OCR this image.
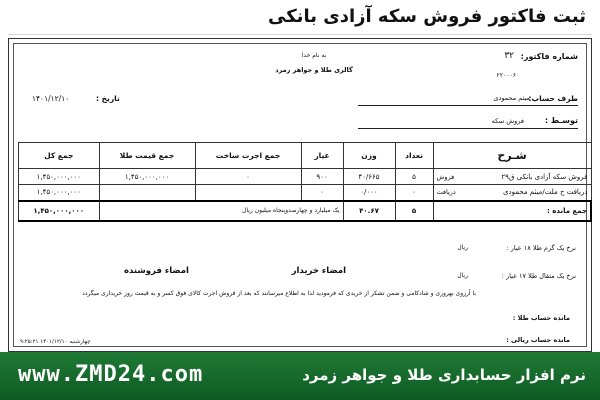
ثبت فاکتور فروش سکه آزادی بانکی
به نام خدا
گالری طلا و جواهر زمرد
شماره فاکتور:
۳۲
۲۲۰۰۰۶
طرف حساب:
میثم محمودی
توسـط :
فروش سکه
تاریخ :
۱۴۰۱/۱۲/۱۰
شـرح	تعداد	وزن	عیار	جمع اجرت ساخت	جمع قیمت طلا	جمع کل
فروش سکه آزادی بانکی ق۲۹
فروش	۵	۴۰/۶۶۵	۹۰۰	۰	۱,۴۵۰,۰۰۰,۰۰۰	۱,۴۵۰,۰۰۰,۰۰۰
دریافت ح ملت/میثم محمودی
دریافت	۰	۰/۰۰۰	۰			۱,۴۵۰,۰۰۰,۰۰۰
جمع مانده :	۵	۴۰.۶۷	یک میلیارد و چهارصدوپنجاه میلیون ریال			۱,۴۵۰,۰۰۰,۰۰۰
نرخ یک گرم طلا ۱۸ عیار :
ریال
نرخ یک مثقال طلا ۱۷ عیار :
ریال
امضاء خریدار
امضاء فروشنده
با آرزوی بهروزی و شادکامی و ضمن تشکر از خریدی که فرمودید لذا به اطلاع میرسانند که بعد از فروش اجرت کالای فوق کسر و به قیمت روز خریداری میگردد
مانده حساب طلا :
مانده حساب ریالی :
چهارشنبه ۱۴۰۱/۱۲/۱۰ ۹:۲۵:۲۱
www.ZMD24.com	نرم افزار حسابداری طلا و جواهر زمرد
